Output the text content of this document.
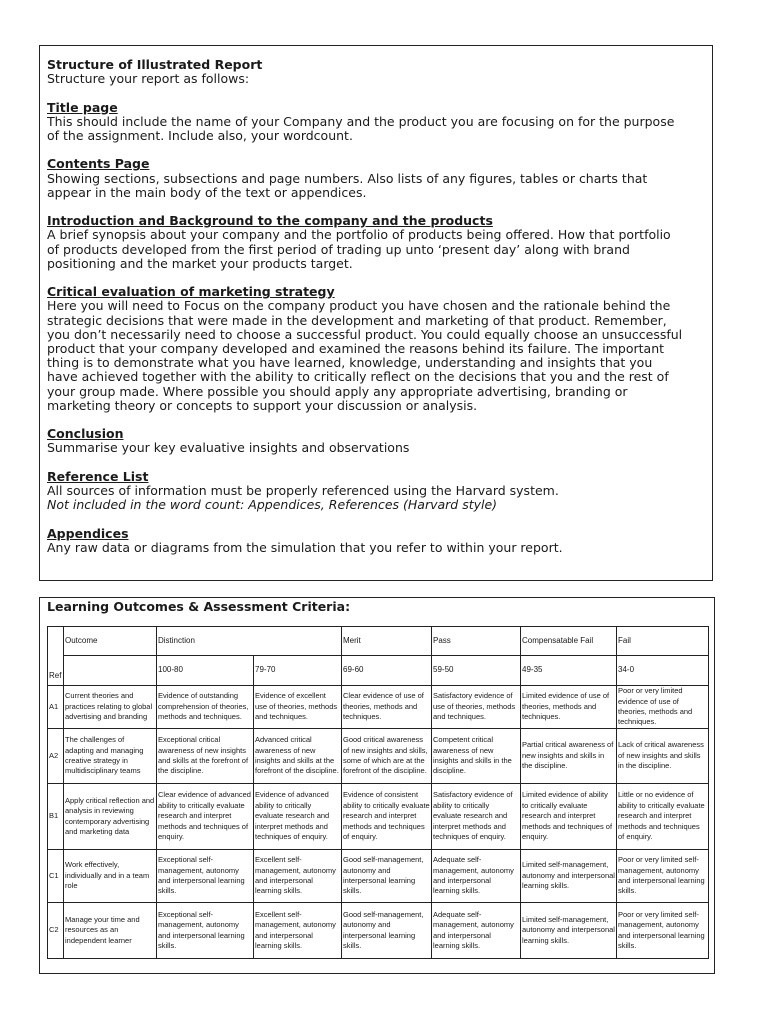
Structure of Illustrated Report

Structure your report as follows:

Title page

This should include the name of your Company and the product you are focusing on for the purpose

of the assignment. Include also, your wordcount.

Contents Page

Showing sections, subsections and page numbers. Also lists of any figures, tables or charts that

appear in the main body of the text or appendices.

Introduction and Background to the company and the products

A brief synopsis about your company and the portfolio of products being offered. How that portfolio

of products developed from the first period of trading up unto ‘present day’ along with brand

positioning and the market your products target.

Critical evaluation of marketing strategy

Here you will need to Focus on the company product you have chosen and the rationale behind the

strategic decisions that were made in the development and marketing of that product. Remember,

you don’t necessarily need to choose a successful product. You could equally choose an unsuccessful

product that your company developed and examined the reasons behind its failure. The important

thing is to demonstrate what you have learned, knowledge, understanding and insights that you

have achieved together with the ability to critically reflect on the decisions that you and the rest of

your group made. Where possible you should apply any appropriate advertising, branding or

marketing theory or concepts to support your discussion or analysis.

Conclusion

Summarise your key evaluative insights and observations

Reference List

All sources of information must be properly referenced using the Harvard system.

Not included in the word count: Appendices, References (Harvard style)

Appendices

Any raw data or diagrams from the simulation that you refer to within your report.

Learning Outcomes & Assessment Criteria:
Ref	Outcome	Distinction		Merit	Pass	Compensatable Fail	Fail
		100-80	79-70	69-60	59-50	49-35	34-0
A1	Current theories and practices relating to global advertising and branding	Evidence of outstanding comprehension of theories, methods and techniques.	Evidence of excellent use of theories, methods and techniques.	Clear evidence of use of theories, methods and techniques.	Satisfactory evidence of use of theories, methods and techniques.	Limited evidence of use of theories, methods and techniques.	Poor or very limited evidence of use of theories, methods and techniques.
A2	The challenges of adapting and managing creative strategy in multidisciplinary teams	Exceptional critical awareness of new insights and skills at the forefront of the discipline.	Advanced critical awareness of new insights and skills at the forefront of the discipline.	Good critical awareness of new insights and skills, some of which are at the forefront of the discipline.	Competent critical awareness of new insights and skills in the discipline.	Partial critical awareness of new insights and skills in the discipline.	Lack of critical awareness of new insights and skills in the discipline.
B1	Apply critical reflection and analysis in reviewing contemporary advertising and marketing data	Clear evidence of advanced ability to critically evaluate research and interpret methods and techniques of enquiry.	Evidence of advanced ability to critically evaluate research and interpret methods and techniques of enquiry.	Evidence of consistent ability to critically evaluate research and interpret methods and techniques of enquiry.	Satisfactory evidence of ability to critically evaluate research and interpret methods and techniques of enquiry.	Limited evidence of ability to critically evaluate research and interpret methods and techniques of enquiry.	Little or no evidence of ability to critically evaluate research and interpret methods and techniques of enquiry.
C1	Work effectively, individually and in a team role	Exceptional self-management, autonomy and interpersonal learning skills.	Excellent self-management, autonomy and interpersonal learning skills.	Good self-management, autonomy and interpersonal learning skills.	Adequate self-management, autonomy and interpersonal learning skills.	Limited self-management, autonomy and interpersonal learning skills.	Poor or very limited self- management, autonomy and interpersonal learning skills.
C2	Manage your time and resources as an independent learner	Exceptional self-management, autonomy and interpersonal learning skills.	Excellent self-management, autonomy and interpersonal learning skills.	Good self-management, autonomy and interpersonal learning skills.	Adequate self-management, autonomy and interpersonal learning skills.	Limited self-management, autonomy and interpersonal learning skills.	Poor or very limited self- management, autonomy and interpersonal learning skills.
